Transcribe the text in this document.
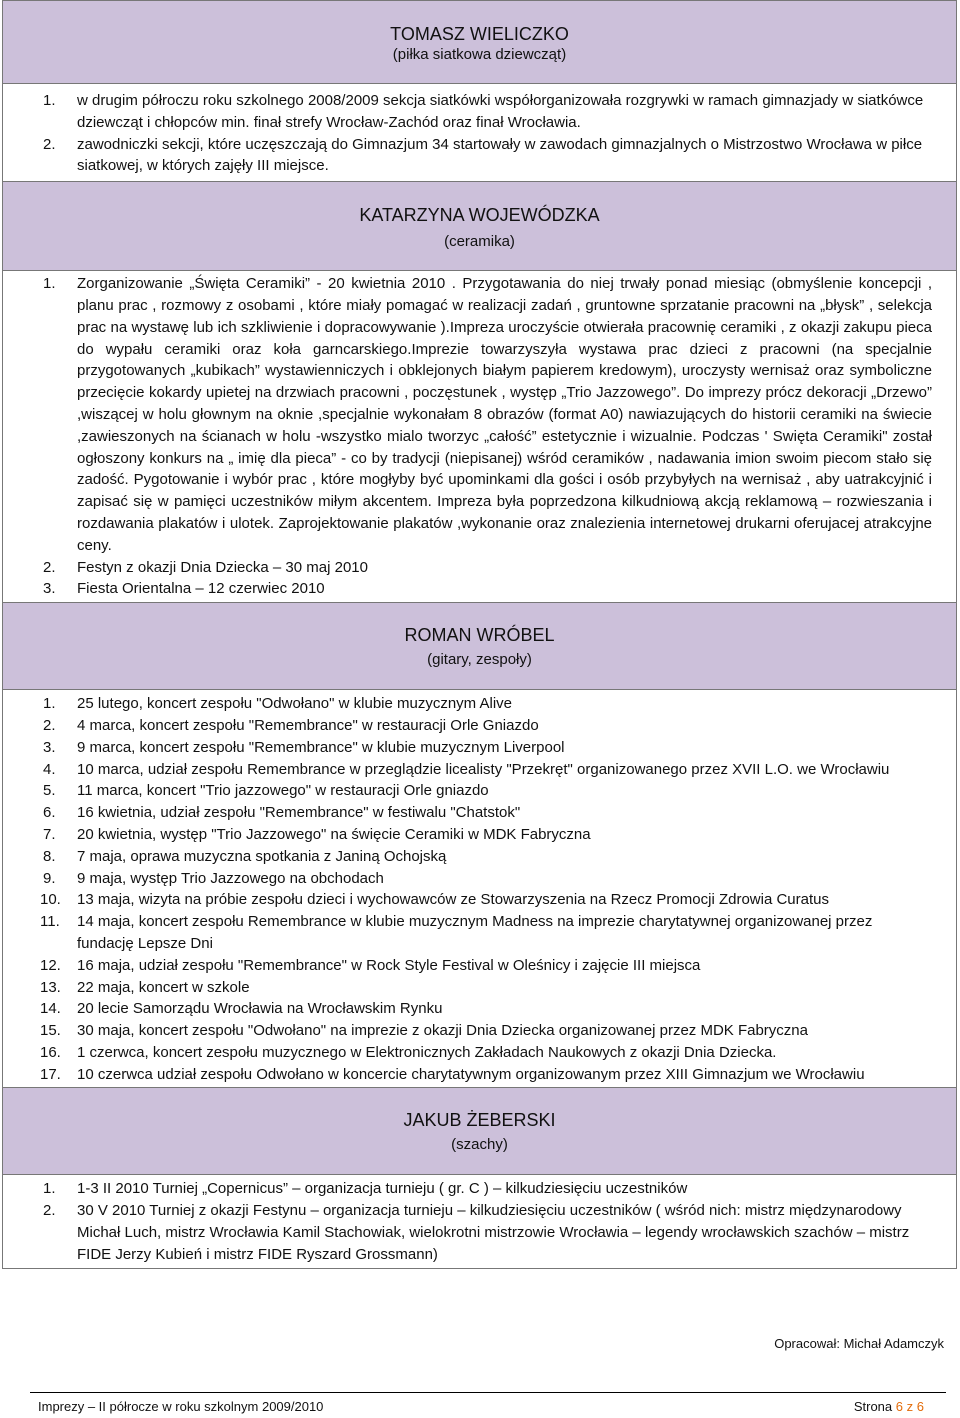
TOMASZ WIELICZKO
(piłka siatkowa dziewcząt)
1.	w drugim półroczu roku szkolnego 2008/2009 sekcja siatkówki współorganizowała rozgrywki w ramach gimnazjady w siatkówce dziewcząt i chłopców min. finał strefy Wrocław-Zachód oraz finał Wrocławia.
2.	zawodniczki sekcji, które uczęszczają do Gimnazjum 34 startowały w zawodach gimnazjalnych o Mistrzostwo Wrocława w piłce siatkowej, w których zajęły III miejsce.
KATARZYNA WOJEWÓDZKA
(ceramika)
1.	Zorganizowanie „Święta Ceramiki” - 20 kwietnia 2010 . Przygotawania do niej trwały ponad miesiąc (obmyślenie koncepcji , planu prac , rozmowy z osobami , które miały pomagać w realizacji zadań , gruntowne sprzatanie pracowni na „błysk” , selekcja prac na wystawę lub ich szkliwienie i dopracowywanie ).Impreza uroczyście otwierała pracownię ceramiki , z okazji zakupu pieca do wypału ceramiki oraz koła garncarskiego.Imprezie towarzyszyła wystawa prac dzieci z pracowni (na specjalnie przygotowanych „kubikach” wystawienniczych i obklejonych białym papierem kredowym), uroczysty wernisaż oraz symboliczne przecięcie kokardy upietej na drzwiach pracowni , poczęstunek , występ „Trio Jazzowego”. Do imprezy prócz dekoracji „Drzewo” ,wiszącej w holu głownym na oknie ,specjalnie wykonałam 8 obrazów (format A0) nawiazujących do historii ceramiki na świecie ,zawieszonych na ścianach w holu -wszystko mialo tworzyc „całość” estetycznie i wizualnie. Podczas ' Swięta Ceramiki" został ogłoszony konkurs na „ imię dla pieca” - co by tradycji (niepisanej) wśród ceramików , nadawania imion swoim piecom stało się zadość. Pygotowanie i wybór prac , które mogłyby być upominkami dla gości i osób przybyłych na wernisaż , aby uatrakcyjnić i zapisać się w pamięci uczestników miłym akcentem. Impreza była poprzedzona kilkudniową akcją reklamową – rozwieszania i rozdawania plakatów i ulotek. Zaprojektowanie plakatów ,wykonanie oraz znalezienia internetowej drukarni oferujacej atrakcyjne ceny.
2.	Festyn z okazji Dnia Dziecka – 30 maj 2010
3.	Fiesta Orientalna – 12 czerwiec 2010
ROMAN WRÓBEL
(gitary, zespoły)
1.	25 lutego, koncert zespołu "Odwołano" w klubie muzycznym Alive
2.	4 marca, koncert zespołu "Remembrance" w restauracji Orle Gniazdo
3.	9 marca, koncert zespołu "Remembrance" w klubie muzycznym Liverpool
4.	10 marca, udział zespołu Remembrance w przeglądzie licealisty "Przekręt" organizowanego przez XVII L.O. we Wrocławiu
5.	11 marca, koncert "Trio jazzowego" w restauracji Orle gniazdo
6.	16 kwietnia, udział zespołu "Remembrance" w festiwalu "Chatstok"
7.	20 kwietnia, występ "Trio Jazzowego" na święcie Ceramiki w MDK Fabryczna
8.	7 maja, oprawa muzyczna spotkania z Janiną Ochojską
9.	9 maja, występ Trio Jazzowego na obchodach
10.	13 maja, wizyta na próbie zespołu dzieci i wychowawców ze Stowarzyszenia na Rzecz Promocji Zdrowia Curatus
11.	14 maja, koncert zespołu Remembrance w klubie muzycznym Madness na imprezie charytatywnej organizowanej przez fundację Lepsze Dni
12.	16 maja, udział zespołu "Remembrance" w Rock Style Festival w Oleśnicy i zajęcie III miejsca
13.	22 maja, koncert w szkole
14.	20 lecie Samorządu Wrocławia na Wrocławskim Rynku
15.	30 maja, koncert zespołu "Odwołano" na imprezie z okazji Dnia Dziecka organizowanej przez MDK Fabryczna
16.	1 czerwca, koncert zespołu muzycznego w Elektronicznych Zakładach Naukowych z okazji Dnia Dziecka.
17.	10 czerwca udział zespołu Odwołano w koncercie charytatywnym organizowanym przez XIII Gimnazjum we Wrocławiu
JAKUB ŻEBERSKI
(szachy)
1.	1-3 II 2010 Turniej „Copernicus” – organizacja turnieju ( gr. C ) – kilkudziesięciu uczestników
2.	30 V 2010 Turniej z okazji Festynu – organizacja turnieju – kilkudziesięciu uczestników ( wśród nich: mistrz międzynarodowy Michał Luch, mistrz Wrocławia Kamil Stachowiak, wielokrotni mistrzowie Wrocławia – legendy wrocławskich szachów – mistrz FIDE Jerzy Kubień i mistrz FIDE Ryszard Grossmann)
Opracował: Michał Adamczyk
Imprezy – II półrocze w roku szkolnym 2009/2010	Strona 6 z 6
